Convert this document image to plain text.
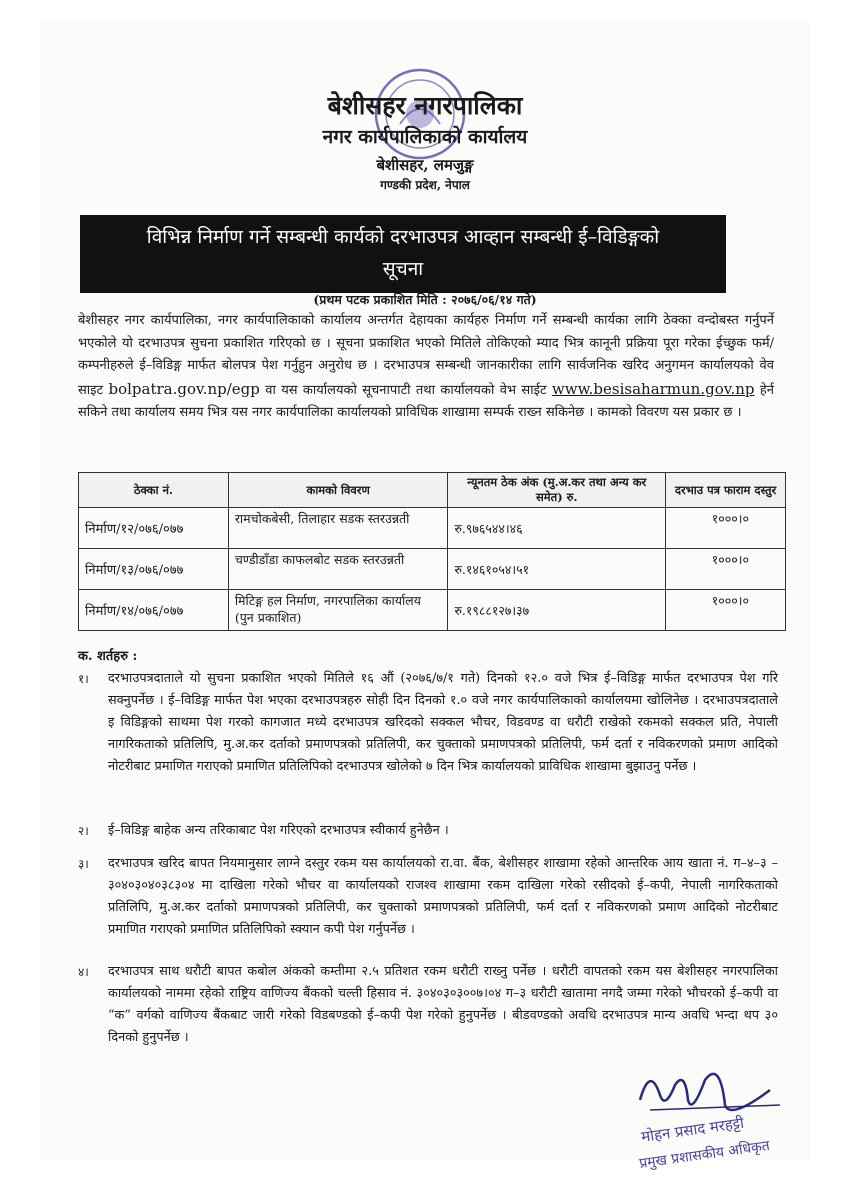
बेशीसहर नगरपालिका

नगर कार्यपालिकाको कार्यालय

बेशीसहर, लमजुङ्ग

गण्डकी प्रदेश, नेपाल

विभिन्न निर्माण गर्ने सम्बन्धी कार्यको दरभाउपत्र आव्हान सम्बन्धी ई–विडिङ्गको
सूचना
(प्रथम पटक प्रकाशित मिति : २०७६/०६/१४ गते)
बेशीसहर नगर कार्यपालिका, नगर कार्यपालिकाको कार्यालय अन्तर्गत देहायका कार्यहरु निर्माण गर्ने सम्बन्धी कार्यका लागि ठेक्का वन्दोबस्त गर्नुपर्ने भएकोले यो दरभाउपत्र सुचना प्रकाशित गरिएको छ । सूचना प्रकाशित भएको मितिले तोकिएको म्याद भित्र कानूनी प्रक्रिया पूरा गरेका ईच्छुक फर्म/कम्पनीहरुले ई–विडिङ्ग मार्फत बोलपत्र पेश गर्नुहुन अनुरोध छ । दरभाउपत्र सम्बन्धी जानकारीका लागि सार्वजनिक खरिद अनुगमन कार्यालयको वेव साइट bolpatra.gov.np/egp वा यस कार्यालयको सूचनापाटी तथा कार्यालयको वेभ साईट www.besisaharmun.gov.np हेर्न सकिने तथा कार्यालय समय भित्र यस नगर कार्यपालिका कार्यालयको प्राविधिक शाखामा सम्पर्क राख्न सकिनेछ । कामको विवरण यस प्रकार छ ।
ठेक्का नं.	कामको विवरण	न्यूनतम ठेक अंक (मु.अ.कर तथा अन्य कर समेत) रु.	दरभाउ पत्र फाराम दस्तुर
निर्माण/१२/०७६/०७७	रामचोकबेसी, तिलाहार सडक स्तरउन्नती	रु.९७६५४४।४६	१०००।०
निर्माण/१३/०७६/०७७	चण्डीडाँडा काफलबोट सडक स्तरउन्नती	रु.१४६१०५४।५१	१०००।०
निर्माण/१४/०७६/०७७	मिटिङ्ग हल निर्माण, नगरपालिका कार्यालय (पुन प्रकाशित)	रु.१९८८१२७।३७	१०००।०
क. शर्तहरु :
१।	दरभाउपत्रदाताले यो सुचना प्रकाशित भएको मितिले १६ औं (२०७६/७/१ गते) दिनको १२.० वजे भित्र ई–विडिङ्ग मार्फत दरभाउपत्र पेश गरि सक्नुपर्नेछ । ई–विडिङ्ग मार्फत पेश भएका दरभाउपत्रहरु सोही दिन दिनको १.० वजे नगर कार्यपालिकाको कार्यालयमा खोलिनेछ । दरभाउपत्रदाताले इ विडिङ्गको साथमा पेश गरको कागजात मध्ये दरभाउपत्र खरिदको सक्कल भौचर, विडवण्ड वा धरौटी राखेको रकमको सक्कल प्रति, नेपाली नागरिकताको प्रतिलिपि, मु.अ.कर दर्ताको प्रमाणपत्रको प्रतिलिपी, कर चुक्ताको प्रमाणपत्रको प्रतिलिपी, फर्म दर्ता र नविकरणको प्रमाण आदिको नोटरीबाट प्रमाणित गराएको प्रमाणित प्रतिलिपिको दरभाउपत्र खोलेको ७ दिन भित्र कार्यालयको प्राविधिक शाखामा बुझाउनु पर्नेछ ।
२।	ई–विडिङ्ग बाहेक अन्य तरिकाबाट पेश गरिएको दरभाउपत्र स्वीकार्य हुनेछैन ।
३।	दरभाउपत्र खरिद बापत नियमानुसार लाग्ने दस्तुर रकम यस कार्यालयको रा.वा. बैंक, बेशीसहर शाखामा रहेको आन्तरिक आय खाता नं. ग–४–३ – ३०४०३०४०३८३०४ मा दाखिला गरेको भौचर वा कार्यालयको राजश्व शाखामा रकम दाखिला गरेको रसीदको ई–कपी, नेपाली नागरिकताको प्रतिलिपि, मु.अ.कर दर्ताको प्रमाणपत्रको प्रतिलिपी, कर चुक्ताको प्रमाणपत्रको प्रतिलिपी, फर्म दर्ता र नविकरणको प्रमाण आदिको नोटरीबाट प्रमाणित गराएको प्रमाणित प्रतिलिपिको स्क्यान कपी पेश गर्नुपर्नेछ ।
४।	दरभाउपत्र साथ धरौटी बापत कबोल अंकको कम्तीमा २.५ प्रतिशत रकम धरौटी राख्नु पर्नेछ । धरौटी वापतको रकम यस बेशीसहर नगरपालिका कार्यालयको नाममा रहेको राष्ट्रिय वाणिज्य बैंकको चल्ती हिसाव नं. ३०४०३०३००७।०४ ग–३ धरौटी खातामा नगदै जम्मा गरेको भौचरको ई–कपी वा “क” वर्गको वाणिज्य बैंकबाट जारी गरेको विडबण्डको ई–कपी पेश गरेको हुनुपर्नेछ । बीडवण्डको अवधि दरभाउपत्र मान्य अवधि भन्दा थप ३० दिनको हुनुपर्नेछ ।
मोहन प्रसाद मरहट्टी
प्रमुख प्रशासकीय अधिकृत
